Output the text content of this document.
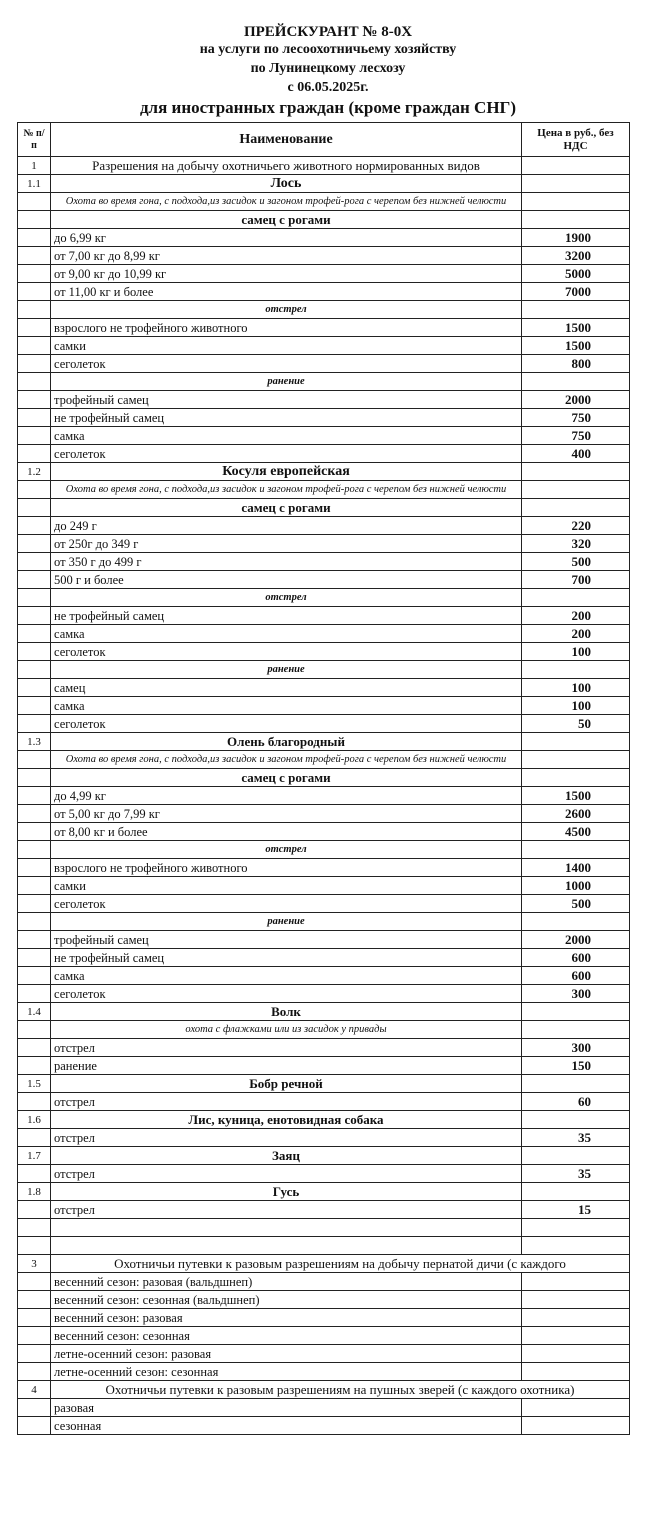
ПРЕЙСКУРАНТ № 8-0Х
на услуги по лесоохотничьему хозяйству
по Лунинецкому лесхозу
с 06.05.2025г.
для иностранных граждан (кроме граждан СНГ)
№ п/п	Наименование	Цена в руб., без НДС
1	Разрешения на добычу охотничьего животного нормированных видов	
1.1	Лось	
	Охота во время гона, с подхода,из засидок и загоном трофей-рога с черепом без нижней челюсти	
	самец с рогами	
	до 6,99 кг	1900
	от 7,00 кг до 8,99 кг	3200
	от 9,00 кг до 10,99 кг	5000
	от 11,00 кг и более	7000
	отстрел	
	взрослого не трофейного животного	1500
	самки	1500
	сеголеток	800
	ранение	
	трофейный самец	2000
	не трофейный самец	750
	самка	750
	сеголеток	400
1.2	Косуля европейская	
	Охота во время гона, с подхода,из засидок и загоном трофей-рога с черепом без нижней челюсти	
	самец с рогами	
	до 249 г	220
	от 250г до 349 г	320
	от 350 г до 499 г	500
	500 г и более	700
	отстрел	
	не трофейный самец	200
	самка	200
	сеголеток	100
	ранение	
	самец	100
	самка	100
	сеголеток	50
1.3	Олень благородный	
	Охота во время гона, с подхода,из засидок и загоном трофей-рога с черепом без нижней челюсти	
	самец с рогами	
	до 4,99 кг	1500
	от 5,00 кг до 7,99 кг	2600
	от 8,00 кг и более	4500
	отстрел	
	взрослого не трофейного животного	1400
	самки	1000
	сеголеток	500
	ранение	
	трофейный самец	2000
	не трофейный самец	600
	самка	600
	сеголеток	300
1.4	Волк	
	охота с флажками или из засидок у привады	
	отстрел	300
	ранение	150
1.5	Бобр речной	
	отстрел	60
1.6	Лис, куница, енотовидная собака	
	отстрел	35
1.7	Заяц	
	отстрел	35
1.8	Гусь	
	отстрел	15

3	Охотничьи путевки к разовым разрешениям на добычу пернатой дичи (с каждого	
	весенний сезон: разовая (вальдшнеп)	
	весенний сезон: сезонная (вальдшнеп)	
	весенний сезон: разовая	
	весенний сезон: сезонная	
	летне-осенний сезон: разовая	
	летне-осенний сезон: сезонная	
4	Охотничьи путевки к разовым разрешениям на пушных зверей (с каждого охотника)	
	разовая	
	сезонная	
